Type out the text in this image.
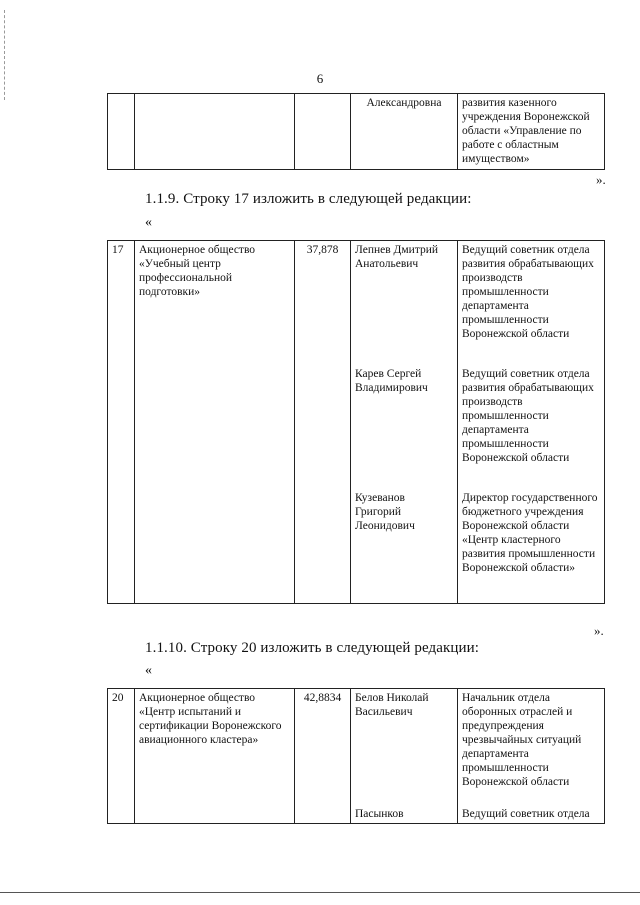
6
			Александровна	развития казенного учреждения Воронежской области «Управление по работе с областным имуществом»
».
1.1.9. Строку 17 изложить в следующей редакции:
«
17	Акционерное общество «Учебный центр профессиональной подготовки»	37,878	Лепнев Дмитрий Анатольевич	Ведущий советник отдела развития обрабатывающих производств промышленности департамента промышленности Воронежской области
			Карев Сергей Владимирович	Ведущий советник отдела развития обрабатывающих производств промышленности департамента промышленности Воронежской области
			Кузеванов Григорий Леонидович	Директор государственного бюджетного учреждения Воронежской области «Центр кластерного развития промышленности Воронежской области»
».
1.1.10. Строку 20 изложить в следующей редакции:
«
20	Акционерное общество «Центр испытаний и сертификации Воронежского авиационного кластера»	42,8834	Белов Николай Васильевич	Начальник отдела оборонных отраслей и предупреждения чрезвычайных ситуаций департамента промышленности Воронежской области
			Пасынков	Ведущий советник отдела
